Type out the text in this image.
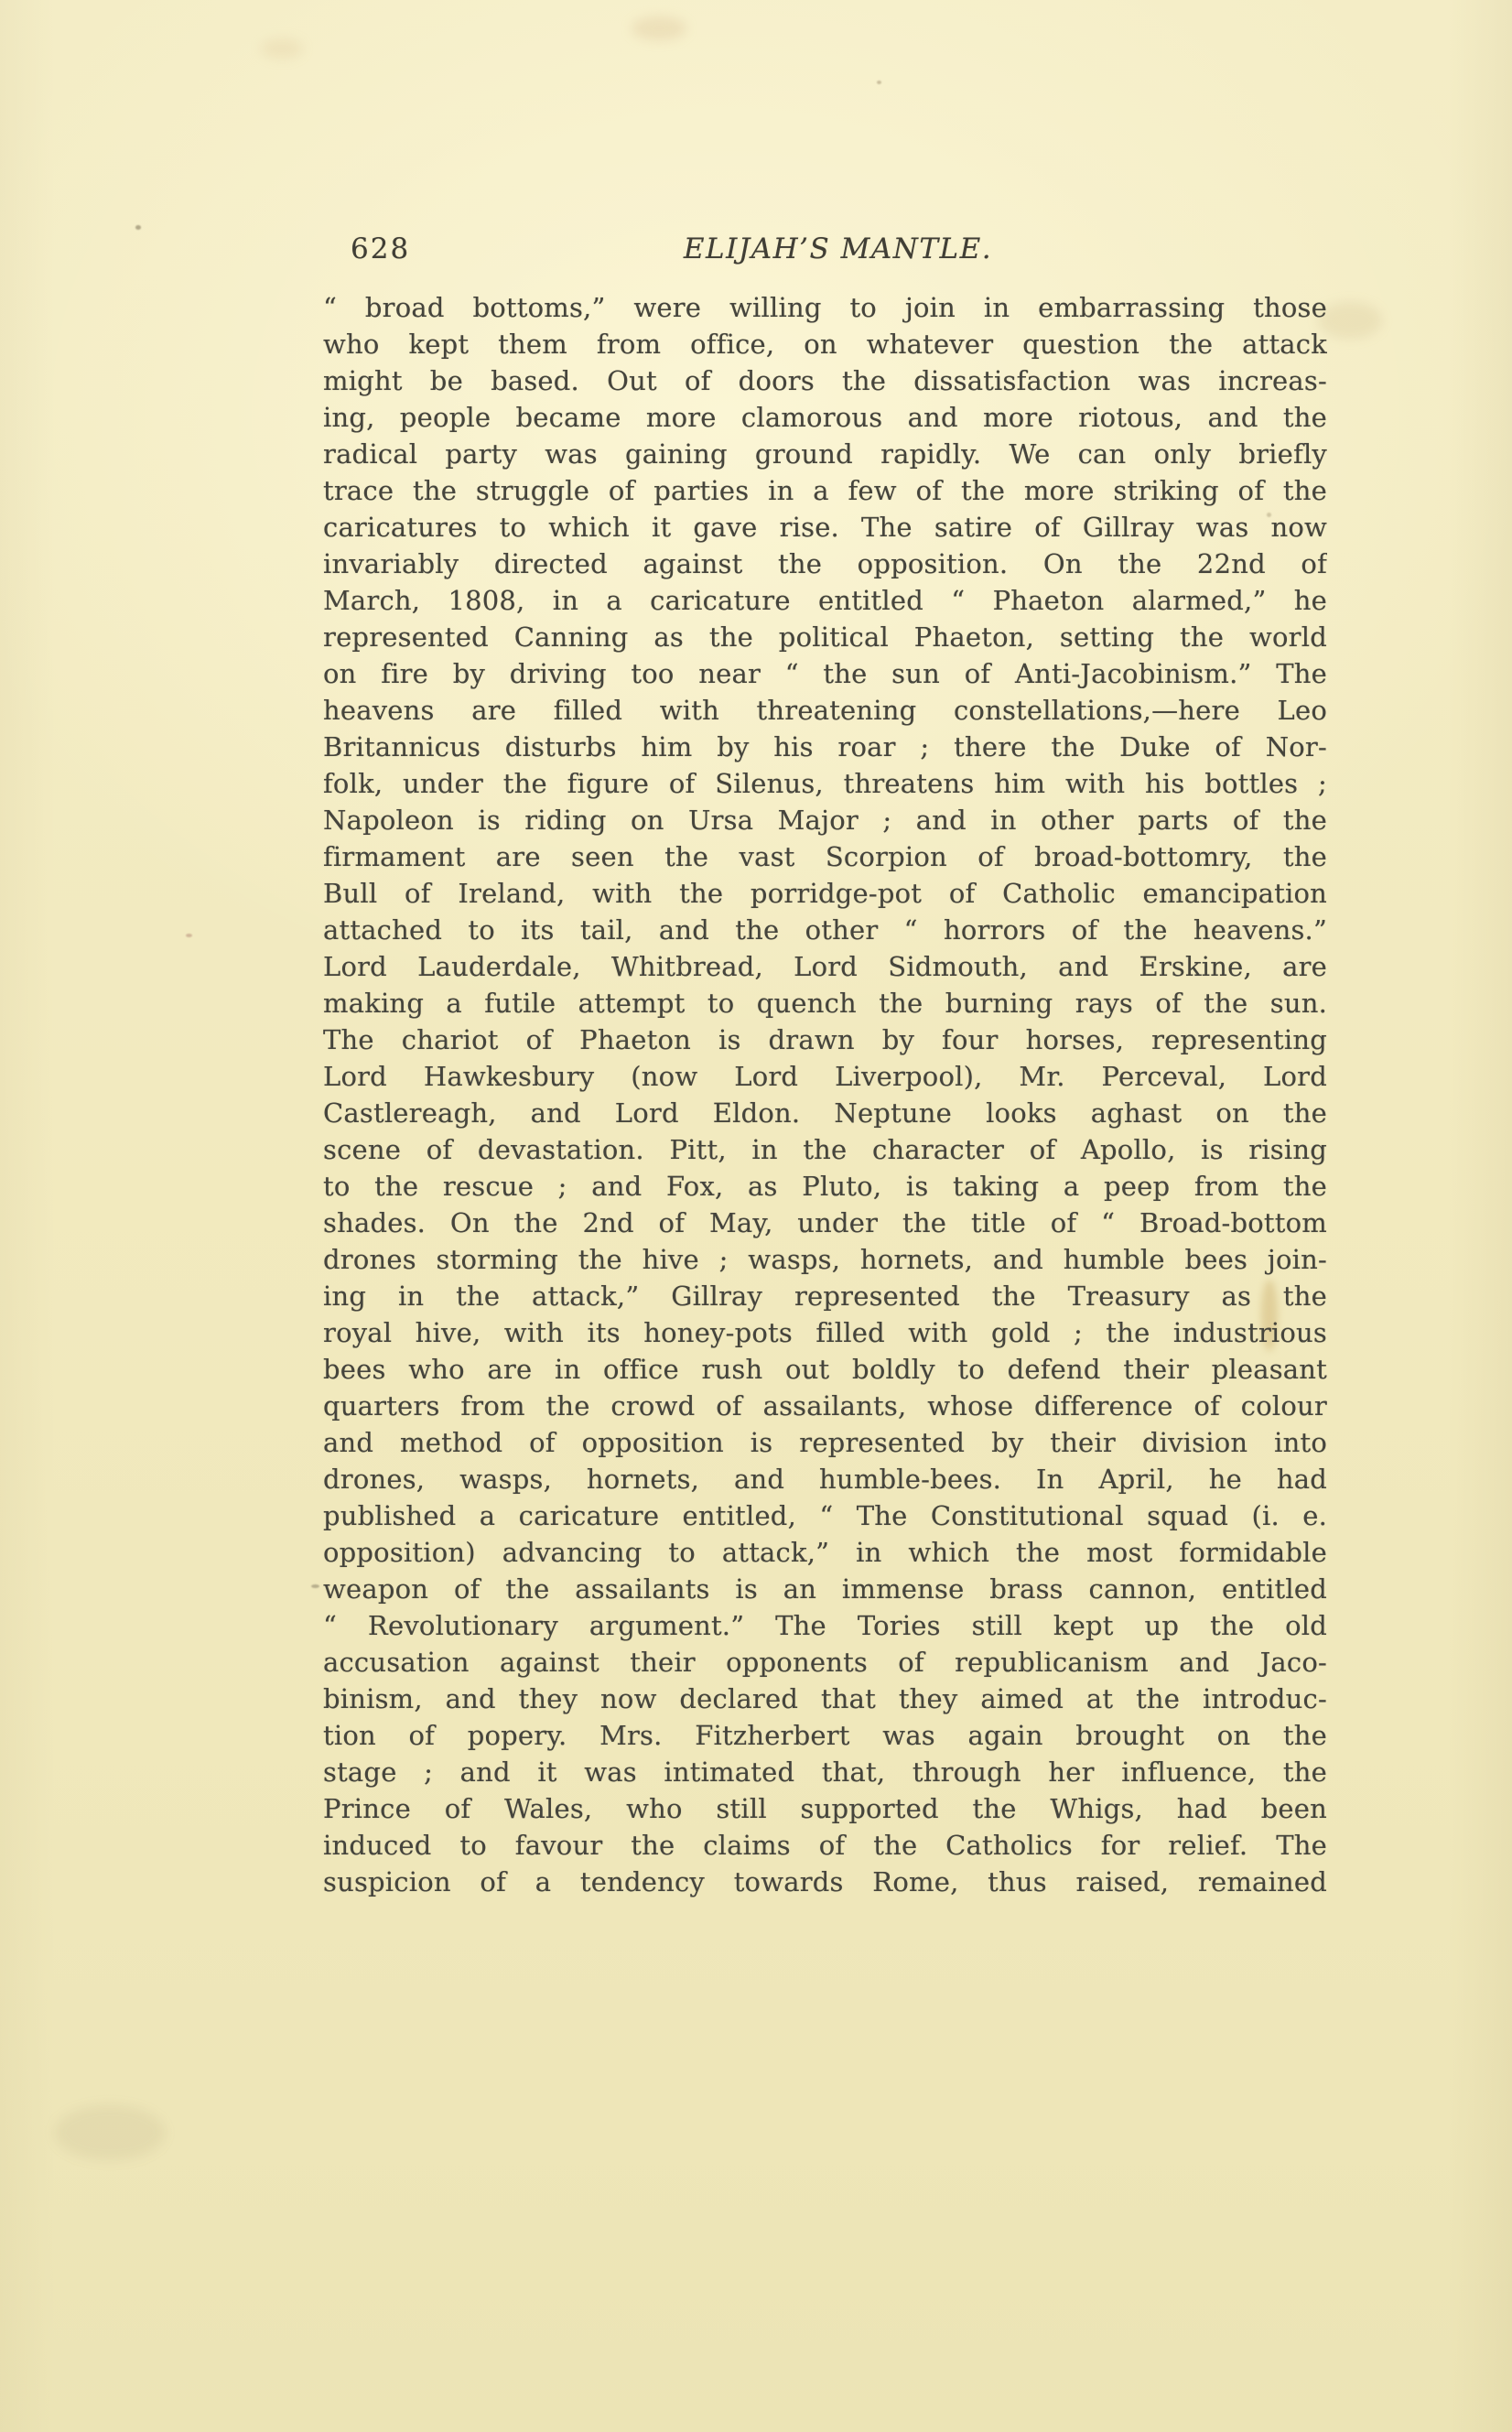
628	ELIJAH’S MANTLE.
“ broad bottoms,” were willing to join in embarrassing those
who kept them from office, on whatever question the attack
might be based. Out of doors the dissatisfaction was increas-
ing, people became more clamorous and more riotous, and the
radical party was gaining ground rapidly. We can only briefly
trace the struggle of parties in a few of the more striking of the
caricatures to which it gave rise. The satire of Gillray was now
invariably directed against the opposition. On the 22nd of
March, 1808, in a caricature entitled “ Phaeton alarmed,” he
represented Canning as the political Phaeton, setting the world
on fire by driving too near “ the sun of Anti-Jacobinism.” The
heavens are filled with threatening constellations,—here Leo
Britannicus disturbs him by his roar ; there the Duke of Nor-
folk, under the figure of Silenus, threatens him with his bottles ;
Napoleon is riding on Ursa Major ; and in other parts of the
firmament are seen the vast Scorpion of broad-bottomry, the
Bull of Ireland, with the porridge-pot of Catholic emancipation
attached to its tail, and the other “ horrors of the heavens.”
Lord Lauderdale, Whitbread, Lord Sidmouth, and Erskine, are
making a futile attempt to quench the burning rays of the sun.
The chariot of Phaeton is drawn by four horses, representing
Lord Hawkesbury (now Lord Liverpool), Mr. Perceval, Lord
Castlereagh, and Lord Eldon. Neptune looks aghast on the
scene of devastation. Pitt, in the character of Apollo, is rising
to the rescue ; and Fox, as Pluto, is taking a peep from the
shades. On the 2nd of May, under the title of “ Broad-bottom
drones storming the hive ; wasps, hornets, and humble bees join-
ing in the attack,” Gillray represented the Treasury as the
royal hive, with its honey-pots filled with gold ; the industrious
bees who are in office rush out boldly to defend their pleasant
quarters from the crowd of assailants, whose difference of colour
and method of opposition is represented by their division into
drones, wasps, hornets, and humble-bees. In April, he had
published a caricature entitled, “ The Constitutional squad (i. e.
opposition) advancing to attack,” in which the most formidable
weapon of the assailants is an immense brass cannon, entitled
“ Revolutionary argument.” The Tories still kept up the old
accusation against their opponents of republicanism and Jaco-
binism, and they now declared that they aimed at the introduc-
tion of popery. Mrs. Fitzherbert was again brought on the
stage ; and it was intimated that, through her influence, the
Prince of Wales, who still supported the Whigs, had been
induced to favour the claims of the Catholics for relief. The
suspicion of a tendency towards Rome, thus raised, remained
